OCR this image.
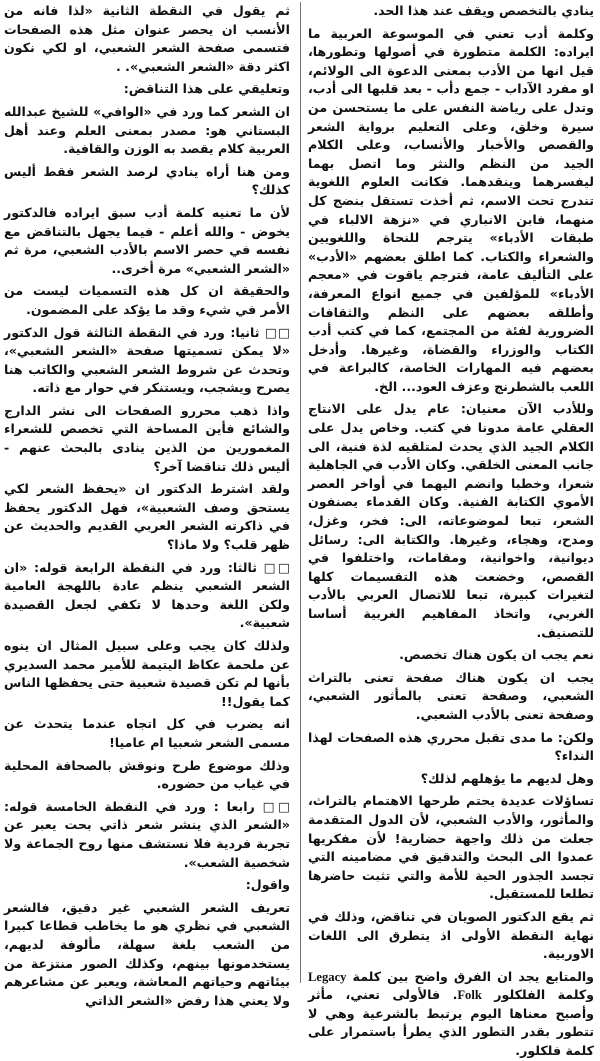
ينادي بالتخصص ويقف عند هذا الحد.

وكلمة أدب تعني في الموسوعة العربية ما ايراده: الكلمة متطورة في أصولها وتطورها، قيل انها من الأدب بمعنى الدعوة الى الولائم، او مفرد الآداب - جمع دأب - بعد قلبها الى أدب، وتدل على رياضة النفس على ما يستحسن من سيرة وخلق، وعلى التعليم برواية الشعر والقصص والأخبار والأنساب، وعلى الكلام الجيد من النظم والنثر وما اتصل بهما ليفسرهما وينقدهما. فكانت العلوم اللغوية تندرج تحت الاسم، ثم أخذت تستقل بنضج كل منهما، فابن الانباري في «نزهة الالباء في طبقات الأدباء» يترجم للنحاة واللغويين والشعراء والكتاب. كما اطلق بعضهم «الأدب» على التأليف عامة، فترجم ياقوت في «معجم الأدباء» للمؤلفين في جميع انواع المعرفة، وأطلقه بعضهم على النظم والثقافات الضرورية لفئة من المجتمع، كما في كتب أدب الكتاب والوزراء والقضاة، وغيرها. وأدخل بعضهم فيه المهارات الخاصة، كالبراعة في اللعب بالشطرنج وعزف العود... الخ.

وللأدب الآن معنيان: عام يدل على الانتاج العقلي عامة مدونا في كتب. وخاص يدل على الكلام الجيد الذي يحدث لمتلقيه لذة فنية، الى جانب المعنى الخلقي. وكان الأدب في الجاهلية شعرا، وخطبا وانضم اليهما في أواخر العصر الأموي الكتابة الفنية. وكان القدماء يصنفون الشعر، تبعا لموضوعاته، الى: فخر، وغزل، ومدح، وهجاء، وغيرها. والكتابة الى: رسائل ديوانية، واخوانية، ومقامات، واختلفوا في القصص، وخضعت هذه التقسيمات كلها لتغيرات كبيرة، تبعا للاتصال العربي بالأدب الغربي، واتخاذ المفاهيم الغربية أساسا للتصنيف.

نعم يجب ان يكون هناك تخصص.

يجب ان يكون هناك صفحة تعنى بالتراث الشعبي، وصفحة تعنى بالمأثور الشعبي، وصفحة تعنى بالأدب الشعبي.

ولكن: ما مدى تقبل محرري هذه الصفحات لهذا النداء؟

وهل لديهم ما يؤهلهم لذلك؟

تساؤلات عديدة يحتم طرحها الاهتمام بالتراث، والمأثور، والأدب الشعبي، لأن الدول المتقدمة جعلت من ذلك واجهة حضارية! لأن مفكريها عمدوا الى البحث والتدقيق في مضامينه التي تجسد الجذور الحية للأمة والتي تثبت حاضرها تطلعا للمستقبل.

ثم يقع الدكتور الصويان في تناقض، وذلك في نهاية النقطة الأولى اذ يتطرق الى اللغات الاوربية.

والمتابع يجد ان الفرق واضح بين كلمة Legacy وكلمة الفلكلور Folk. فالأولى تعني، مأثر وأصبح معناها اليوم يرتبط بالشرعية وهي لا تتطور بقدر التطور الذي يطرأ باستمرار على كلمة فلكلور.

ثم يقول في النقطة الثانية «لذا فانه من الأنسب ان يحصر عنوان مثل هذه الصفحات فتسمى صفحة الشعر الشعبي، او لكي نكون اكثر دقة «الشعر الشعبي». .

وتعليقي على هذا التناقض:

ان الشعر كما ورد في «الوافي» للشيخ عبدالله البستاني هو: مصدر بمعنى العلم وعند أهل العربية كلام يقصد به الوزن والقافية.

ومن هنا أراه ينادي لرصد الشعر فقط أليس كذلك؟

لأن ما تعنيه كلمة أدب سبق ايراده فالدكتور يخوض - والله أعلم - فيما يجهل بالتناقض مع نفسه في حصر الاسم بالأدب الشعبي، مرة ثم «الشعر الشعبي» مرة أخرى..

والحقيقة ان كل هذه التسميات ليست من الأمر في شيء وقد ما يؤكد على المضمون.

□□ ثانيا: ورد في النقطة الثالثة قول الدكتور «لا يمكن تسميتها صفحة «الشعر الشعبي»، وتحدث عن شروط الشعر الشعبي والكاتب هنا يصرح ويشجب، ويستنكر في حوار مع ذاته.

واذا ذهب محررو الصفحات الى نشر الدارج والشائع فأين المساحة التي تخصص للشعراء المغمورين من الذين ينادى بالبحث عنهم - أليس ذلك تناقضا آخر؟

ولقد اشترط الدكتور ان «يحفظ الشعر لكي يستحق وصف الشعبية»، فهل الدكتور يحفظ في ذاكرته الشعر العربي القديم والحديث عن ظهر قلب؟ ولا ماذا؟

□□ ثالثا: ورد في النقطة الرابعة قوله: «ان الشعر الشعبي ينظم عادة باللهجة العامية ولكن اللغة وحدها لا تكفي لجعل القصيدة شعبية».

ولذلك كان يجب وعلى سبيل المثال ان ينوه عن ملحمة عكاظ اليتيمة للأمير محمد السديري بأنها لم تكن قصيدة شعبية حتى يحفظها الناس كما يقول!!

انه يضرب في كل اتجاه عندما يتحدث عن مسمى الشعر شعبيا ام عاميا!

وذلك موضوع طرح ونوقش بالصحافة المحلية في غياب من حضوره.

□□ رابعا : ورد في النقطة الخامسة قوله: «الشعر الذي ينشر شعر ذاتي بحت يعبر عن تجربة فردية فلا نستشف منها روح الجماعة ولا شخصية الشعب».

واقول:

تعريف الشعر الشعبي غير دقيق، فالشعر الشعبي في نظري هو ما يخاطب قطاعا كبيرا من الشعب بلغة سهلة، مألوفة لديهم، يستخدمونها بينهم، وكذلك الصور منتزعة من بيئاتهم وحياتهم المعاشة، ويعبر عن مشاعرهم ولا يعني هذا رفض «الشعر الذاتي
